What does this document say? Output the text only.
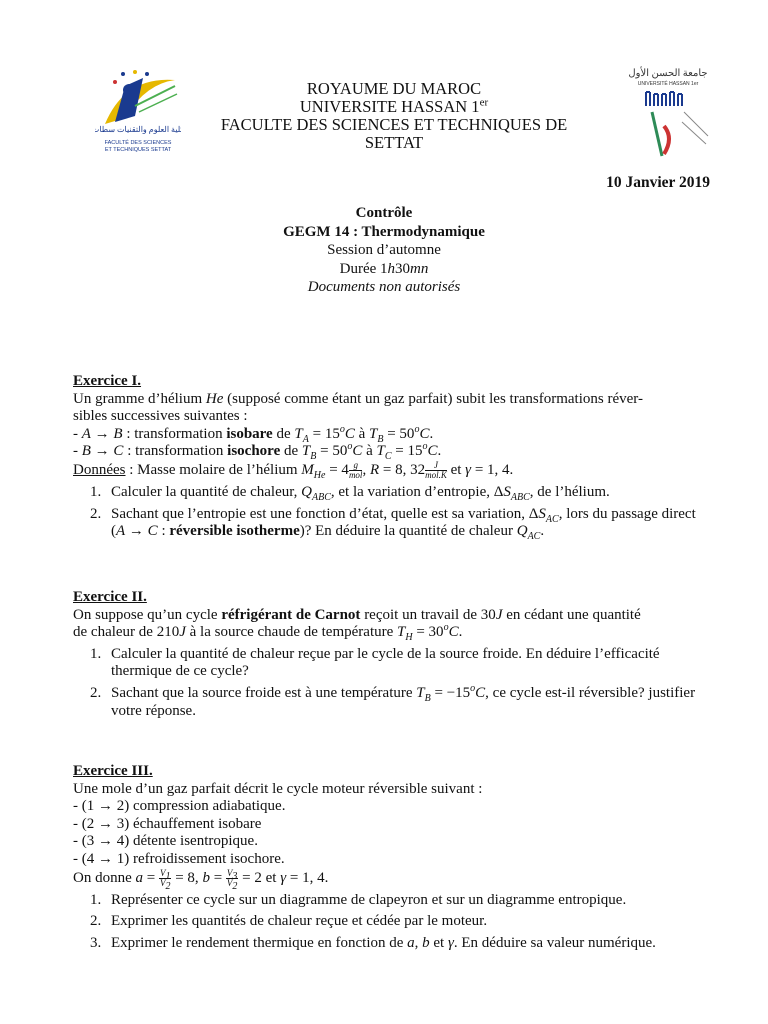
كلية العلوم والتقنيات سطات
FACULTÉ DES SCIENCES
ET TECHNIQUES SETTAT
ROYAUME DU MAROC
UNIVERSITE HASSAN 1er
FACULTE DES SCIENCES ET TECHNIQUES DE
SETTAT
جامعة الحسن الأول
UNIVERSITÉ HASSAN 1er
10 Janvier 2019
Contrôle
GEGM 14 : Thermodynamique
Session d’automne
Durée 1h30mn
Documents non autorisés
Exercice I.
Un gramme d’hélium He (supposé comme étant un gaz parfait) subit les transformations réver-
sibles successives suivantes :
- A → B : transformation isobare de $T_A = 15^oC$ à $T_B = 50^oC$.
- B → C : transformation isochore de $T_B = 50^oC$ à $T_C = 15^oC$.
Données : Masse molaire de l’hélium $M_{He} = 4 \frac{g}{\text{mol}}$ , R = 8, $32 \frac{J}{\text{mol.K}}$ et γ = 1, 4.
1. Calculer la quantité de chaleur, $Q_{ABC}$, et la variation d’entropie, $\Delta S_{ABC}$, de l’hélium.
2. Sachant que l’entropie est une fonction d’état, quelle est sa variation, $\Delta S_{AC}$, lors du passage direct (A → C : réversible isotherme)? En déduire la quantité de chaleur $Q_{AC}$.
Exercice II.
On suppose qu’un cycle réfrigérant de Carnot reçoit un travail de 30J en cédant une quantité
de chaleur de 210J à la source chaude de température $T_H = 30^oC$.
1. Calculer la quantité de chaleur reçue par le cycle de la source froide. En déduire l’efficacité thermique de ce cycle?
2. Sachant que la source froide est à une température $T_B = -15^oC$, ce cycle est-il réversible? justifier votre réponse.
Exercice III.
Une mole d’un gaz parfait décrit le cycle moteur réversible suivant :
- (1 → 2) compression adiabatique.
- (2 → 3) échauffement isobare
- (3 → 4) détente isentropique.
- (4 → 1) refroidissement isochore.
On donne $a = \frac{V_1}{V_2} = 8$, $b = \frac{V_3}{V_2} = 2$ et γ = 1, 4.
1. Représenter ce cycle sur un diagramme de clapeyron et sur un diagramme entropique.
2. Exprimer les quantités de chaleur reçue et cédée par le moteur.
3. Exprimer le rendement thermique en fonction de a, b et γ. En déduire sa valeur numérique.
